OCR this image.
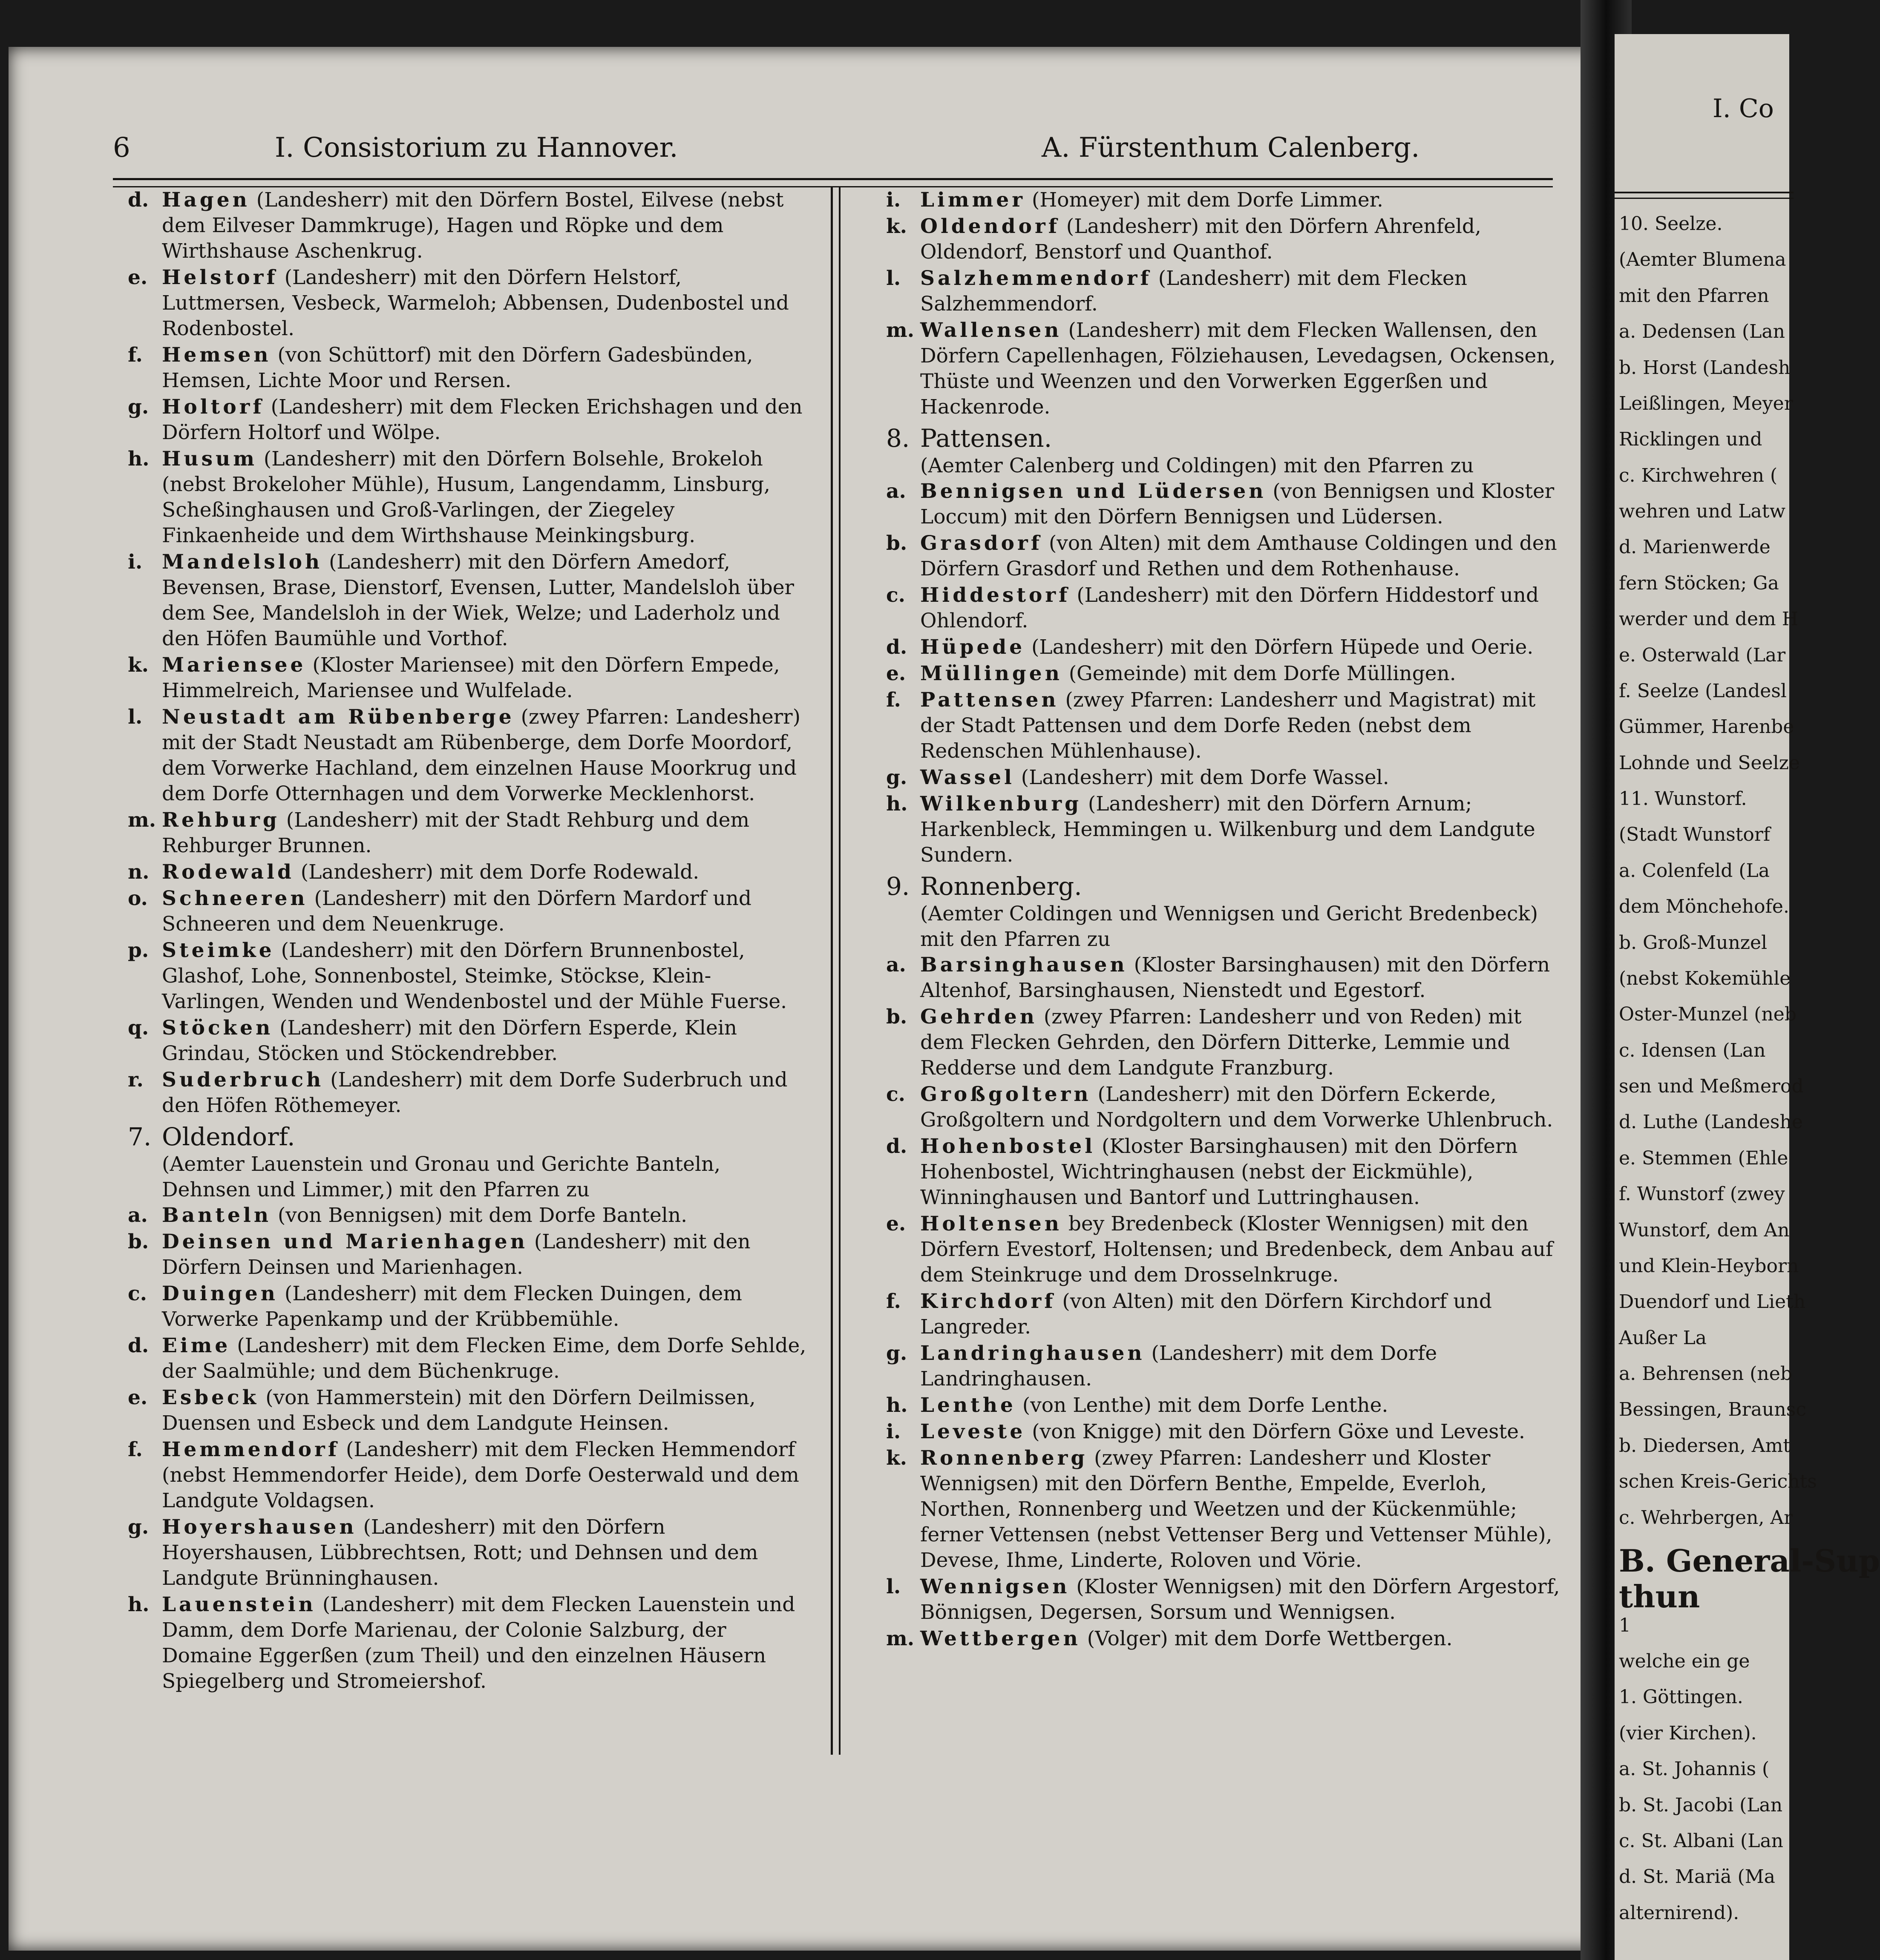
I. Co
10. Seelze.
(Aemter Blumena
mit den Pfarren
a. Dedensen (Lan
b. Horst (Landesh
Leißlingen, Meyer
Ricklingen und
c. Kirchwehren (
wehren und Latw
d. Marienwerde
fern Stöcken; Ga
werder und dem H
e. Osterwald (Lar
f. Seelze (Landesl
Gümmer, Harenbe
Lohnde und Seelze
11. Wunstorf.
(Stadt Wunstorf
a. Colenfeld (La
dem Mönchehofe.
b. Groß-Munzel
(nebst Kokemühle
Oster-Munzel (neb
c. Idensen (Lan
sen und Meßmerod
d. Luthe (Landeshe
e. Stemmen (Ehle
f. Wunstorf (zwey
Wunstorf, dem An
und Klein-Heyborn
Duendorf und Lieth
Außer La
a. Behrensen (neb
Bessingen, Braunsc
b. Diedersen, Amt
schen Kreis-Gerichts
c. Wehrbergen, Ar
B. General-Sup
thun
1
welche ein ge
1. Göttingen.
(vier Kirchen).
a. St. Johannis (
b. St. Jacobi (Lan
c. St. Albani (Lan
d. St. Mariä (Ma
alternirend).
6	I. Consistorium zu Hannover.	A. Fürstenthum Calenberg.
d. Hagen (Landesherr) mit den Dörfern Bostel, Eilvese (nebst dem Eilveser Dammkruge), Hagen und Röpke und dem Wirthshause Aschenkrug.
e. Helstorf (Landesherr) mit den Dörfern Helstorf, Luttmersen, Vesbeck, Warmeloh; Abbensen, Dudenbostel und Rodenbostel.
f. Hemsen (von Schüttorf) mit den Dörfern Gadesbünden, Hemsen, Lichte Moor und Rersen.
g. Holtorf (Landesherr) mit dem Flecken Erichshagen und den Dörfern Holtorf und Wölpe.
h. Husum (Landesherr) mit den Dörfern Bolsehle, Brokeloh (nebst Brokeloher Mühle), Husum, Langendamm, Linsburg, Scheßinghausen und Groß-Varlingen, der Ziegeley Finkaenheide und dem Wirthshause Meinkingsburg.
i. Mandelsloh (Landesherr) mit den Dörfern Amedorf, Bevensen, Brase, Dienstorf, Evensen, Lutter, Mandelsloh über dem See, Mandelsloh in der Wiek, Welze; und Laderholz und den Höfen Baumühle und Vorthof.
k. Mariensee (Kloster Mariensee) mit den Dörfern Empede, Himmelreich, Mariensee und Wulfelade.
l. Neustadt am Rübenberge (zwey Pfarren: Landesherr) mit der Stadt Neustadt am Rübenberge, dem Dorfe Moordorf, dem Vorwerke Hachland, dem einzelnen Hause Moorkrug und dem Dorfe Otternhagen und dem Vorwerke Mecklenhorst.
m. Rehburg (Landesherr) mit der Stadt Rehburg und dem Rehburger Brunnen.
n. Rodewald (Landesherr) mit dem Dorfe Rodewald.
o. Schneeren (Landesherr) mit den Dörfern Mardorf und Schneeren und dem Neuenkruge.
p. Steimke (Landesherr) mit den Dörfern Brunnenbostel, Glashof, Lohe, Sonnenbostel, Steimke, Stöckse, Klein-Varlingen, Wenden und Wendenbostel und der Mühle Fuerse.
q. Stöcken (Landesherr) mit den Dörfern Esperde, Klein Grindau, Stöcken und Stöckendrebber.
r. Suderbruch (Landesherr) mit dem Dorfe Suderbruch und den Höfen Röthemeyer.
7. Oldendorf.
(Aemter Lauenstein und Gronau und Gerichte Banteln, Dehnsen und Limmer,) mit den Pfarren zu
a. Banteln (von Bennigsen) mit dem Dorfe Banteln.
b. Deinsen und Marienhagen (Landesherr) mit den Dörfern Deinsen und Marienhagen.
c. Duingen (Landesherr) mit dem Flecken Duingen, dem Vorwerke Papenkamp und der Krübbemühle.
d. Eime (Landesherr) mit dem Flecken Eime, dem Dorfe Sehlde, der Saalmühle; und dem Büchenkruge.
e. Esbeck (von Hammerstein) mit den Dörfern Deilmissen, Duensen und Esbeck und dem Landgute Heinsen.
f. Hemmendorf (Landesherr) mit dem Flecken Hemmendorf (nebst Hemmendorfer Heide), dem Dorfe Oesterwald und dem Landgute Voldagsen.
g. Hoyershausen (Landesherr) mit den Dörfern Hoyershausen, Lübbrechtsen, Rott; und Dehnsen und dem Landgute Brünninghausen.
h. Lauenstein (Landesherr) mit dem Flecken Lauenstein und Damm, dem Dorfe Marienau, der Colonie Salzburg, der Domaine Eggerßen (zum Theil) und den einzelnen Häusern Spiegelberg und Stromeiershof.
i. Limmer (Homeyer) mit dem Dorfe Limmer.
k. Oldendorf (Landesherr) mit den Dörfern Ahrenfeld, Oldendorf, Benstorf und Quanthof.
l. Salzhemmendorf (Landesherr) mit dem Flecken Salzhemmendorf.
m. Wallensen (Landesherr) mit dem Flecken Wallensen, den Dörfern Capellenhagen, Fölziehausen, Levedagsen, Ockensen, Thüste und Weenzen und den Vorwerken Eggerßen und Hackenrode.
8. Pattensen.
(Aemter Calenberg und Coldingen) mit den Pfarren zu
a. Bennigsen und Lüdersen (von Bennigsen und Kloster Loccum) mit den Dörfern Bennigsen und Lüdersen.
b. Grasdorf (von Alten) mit dem Amthause Coldingen und den Dörfern Grasdorf und Rethen und dem Rothenhause.
c. Hiddestorf (Landesherr) mit den Dörfern Hiddestorf und Ohlendorf.
d. Hüpede (Landesherr) mit den Dörfern Hüpede und Oerie.
e. Müllingen (Gemeinde) mit dem Dorfe Müllingen.
f. Pattensen (zwey Pfarren: Landesherr und Magistrat) mit der Stadt Pattensen und dem Dorfe Reden (nebst dem Redenschen Mühlenhause).
g. Wassel (Landesherr) mit dem Dorfe Wassel.
h. Wilkenburg (Landesherr) mit den Dörfern Arnum; Harkenbleck, Hemmingen u. Wilkenburg und dem Landgute Sundern.
9. Ronnenberg.
(Aemter Coldingen und Wennigsen und Gericht Bredenbeck) mit den Pfarren zu
a. Barsinghausen (Kloster Barsinghausen) mit den Dörfern Altenhof, Barsinghausen, Nienstedt und Egestorf.
b. Gehrden (zwey Pfarren: Landesherr und von Reden) mit dem Flecken Gehrden, den Dörfern Ditterke, Lemmie und Redderse und dem Landgute Franzburg.
c. Großgoltern (Landesherr) mit den Dörfern Eckerde, Großgoltern und Nordgoltern und dem Vorwerke Uhlenbruch.
d. Hohenbostel (Kloster Barsinghausen) mit den Dörfern Hohenbostel, Wichtringhausen (nebst der Eickmühle), Winninghausen und Bantorf und Luttringhausen.
e. Holtensen bey Bredenbeck (Kloster Wennigsen) mit den Dörfern Evestorf, Holtensen; und Bredenbeck, dem Anbau auf dem Steinkruge und dem Drosselnkruge.
f. Kirchdorf (von Alten) mit den Dörfern Kirchdorf und Langreder.
g. Landringhausen (Landesherr) mit dem Dorfe Landringhausen.
h. Lenthe (von Lenthe) mit dem Dorfe Lenthe.
i. Leveste (von Knigge) mit den Dörfern Göxe und Leveste.
k. Ronnenberg (zwey Pfarren: Landesherr und Kloster Wennigsen) mit den Dörfern Benthe, Empelde, Everloh, Northen, Ronnenberg und Weetzen und der Kückenmühle; ferner Vettensen (nebst Vettenser Berg und Vettenser Mühle), Devese, Ihme, Linderte, Roloven und Vörie.
l. Wennigsen (Kloster Wennigsen) mit den Dörfern Argestorf, Bönnigsen, Degersen, Sorsum und Wennigsen.
m. Wettbergen (Volger) mit dem Dorfe Wettbergen.
